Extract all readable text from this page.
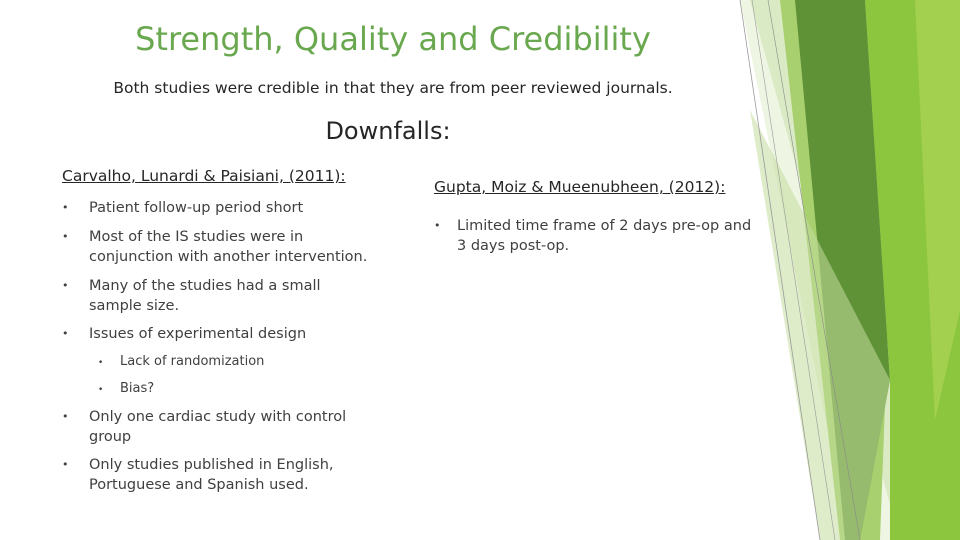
Strength, Quality and Credibility
Both studies were credible in that they are from peer reviewed journals.
Downfalls:
Carvalho, Lunardi & Paisiani, (2011):
Gupta, Moiz & Mueenubheen, (2012):
• Patient follow-up period short
• Most of the IS studies were in conjunction with another intervention.
• Many of the studies had a small sample size.
• Issues of experimental design
• Lack of randomization
• Bias?
• Only one cardiac study with control group
• Only studies published in English, Portuguese and Spanish used.
• Limited time frame of 2 days pre-op and 3 days post-op.
